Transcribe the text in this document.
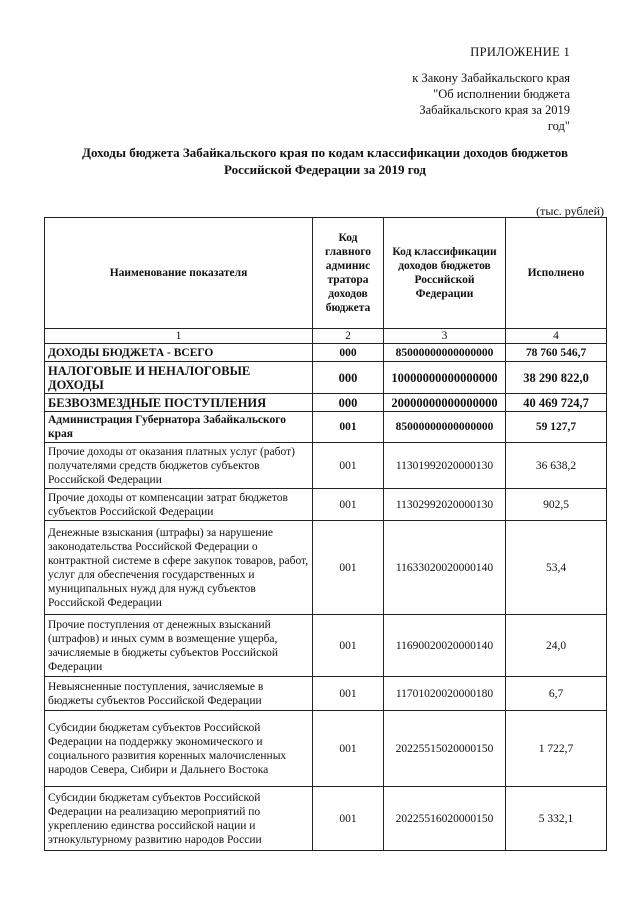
ПРИЛОЖЕНИЕ 1
к Закону Забайкальского края
"Об исполнении бюджета
Забайкальского края за 2019 год"
Доходы бюджета Забайкальского края по кодам классификации доходов бюджетов
Российской Федерации за 2019 год
(тыс. рублей)
Наименование показателя	Код главного админис тратора доходов бюджета	Код классификации доходов бюджетов Российской Федерации	Исполнено
1	2	3	4
ДОХОДЫ БЮДЖЕТА - ВСЕГО	000	85000000000000000	78 760 546,7
НАЛОГОВЫЕ И НЕНАЛОГОВЫЕ ДОХОДЫ	000	10000000000000000	38 290 822,0
БЕЗВОЗМЕЗДНЫЕ ПОСТУПЛЕНИЯ	000	20000000000000000	40 469 724,7
Администрация Губернатора Забайкальского края	001	85000000000000000	59 127,7
Прочие доходы от оказания платных услуг (работ) получателями средств бюджетов субъектов Российской Федерации	001	11301992020000130	36 638,2
Прочие доходы от компенсации затрат бюджетов субъектов Российской Федерации	001	11302992020000130	902,5
Денежные взыскания (штрафы) за нарушение законодательства Российской Федерации о контрактной системе в сфере закупок товаров, работ, услуг для обеспечения государственных и муниципальных нужд для нужд субъектов Российской Федерации	001	11633020020000140	53,4
Прочие поступления от денежных взысканий (штрафов) и иных сумм в возмещение ущерба, зачисляемые в бюджеты субъектов Российской Федерации	001	11690020020000140	24,0
Невыясненные поступления, зачисляемые в бюджеты субъектов Российской Федерации	001	11701020020000180	6,7
Субсидии бюджетам субъектов Российской Федерации на поддержку экономического и социального развития коренных малочисленных народов Севера, Сибири и Дальнего Востока	001	20225515020000150	1 722,7
Субсидии бюджетам субъектов Российской Федерации на реализацию мероприятий по укреплению единства российской нации и этнокультурному развитию народов России	001	20225516020000150	5 332,1
